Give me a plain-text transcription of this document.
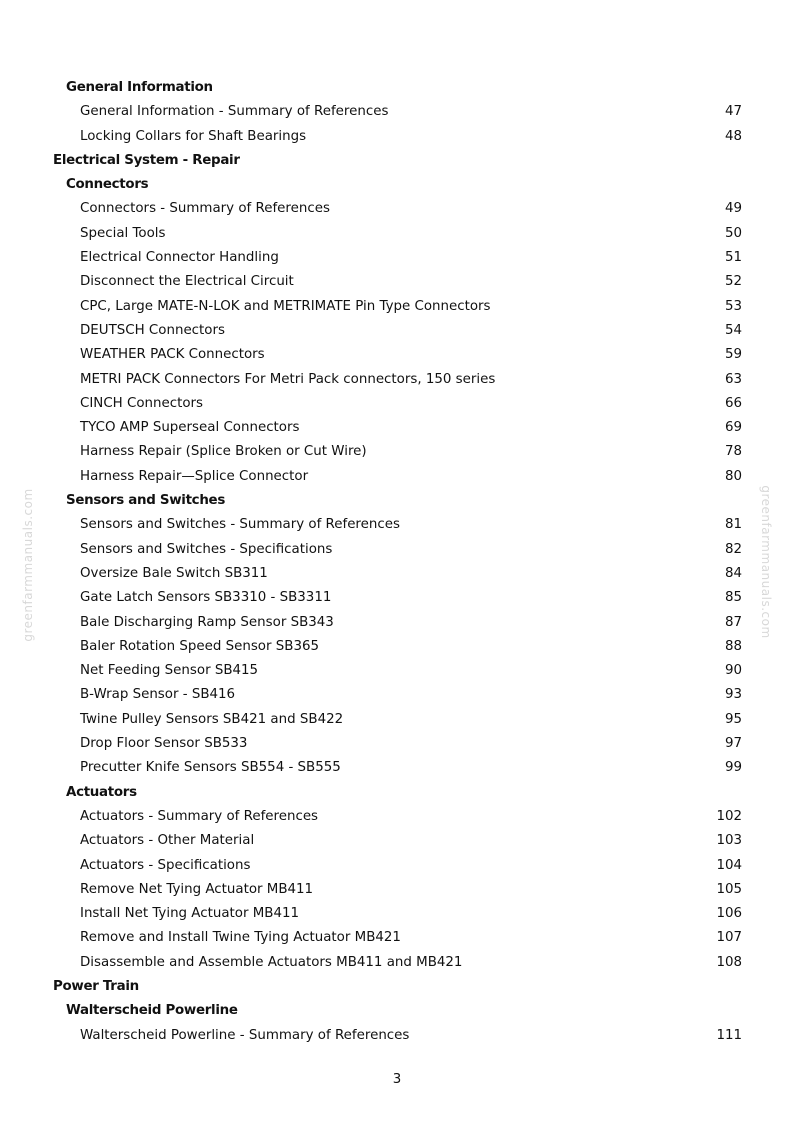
greenfarmmanuals.com	greenfarmmanuals.com
General Information
General Information - Summary of References	47
Locking Collars for Shaft Bearings	48
Electrical System - Repair
Connectors
Connectors - Summary of References	49
Special Tools	50
Electrical Connector Handling	51
Disconnect the Electrical Circuit	52
CPC, Large MATE-N-LOK and METRIMATE Pin Type Connectors	53
DEUTSCH Connectors	54
WEATHER PACK Connectors	59
METRI PACK Connectors For Metri Pack connectors, 150 series	63
CINCH Connectors	66
TYCO AMP Superseal Connectors	69
Harness Repair (Splice Broken or Cut Wire)	78
Harness Repair—Splice Connector	80
Sensors and Switches
Sensors and Switches - Summary of References	81
Sensors and Switches - Specifications	82
Oversize Bale Switch SB311	84
Gate Latch Sensors SB3310 - SB3311	85
Bale Discharging Ramp Sensor SB343	87
Baler Rotation Speed Sensor SB365	88
Net Feeding Sensor SB415	90
B-Wrap Sensor - SB416	93
Twine Pulley Sensors SB421 and SB422	95
Drop Floor Sensor SB533	97
Precutter Knife Sensors SB554 - SB555	99
Actuators
Actuators - Summary of References	102
Actuators - Other Material	103
Actuators - Specifications	104
Remove Net Tying Actuator MB411	105
Install Net Tying Actuator MB411	106
Remove and Install Twine Tying Actuator MB421	107
Disassemble and Assemble Actuators MB411 and MB421	108
Power Train
Walterscheid Powerline
Walterscheid Powerline - Summary of References	111
3
